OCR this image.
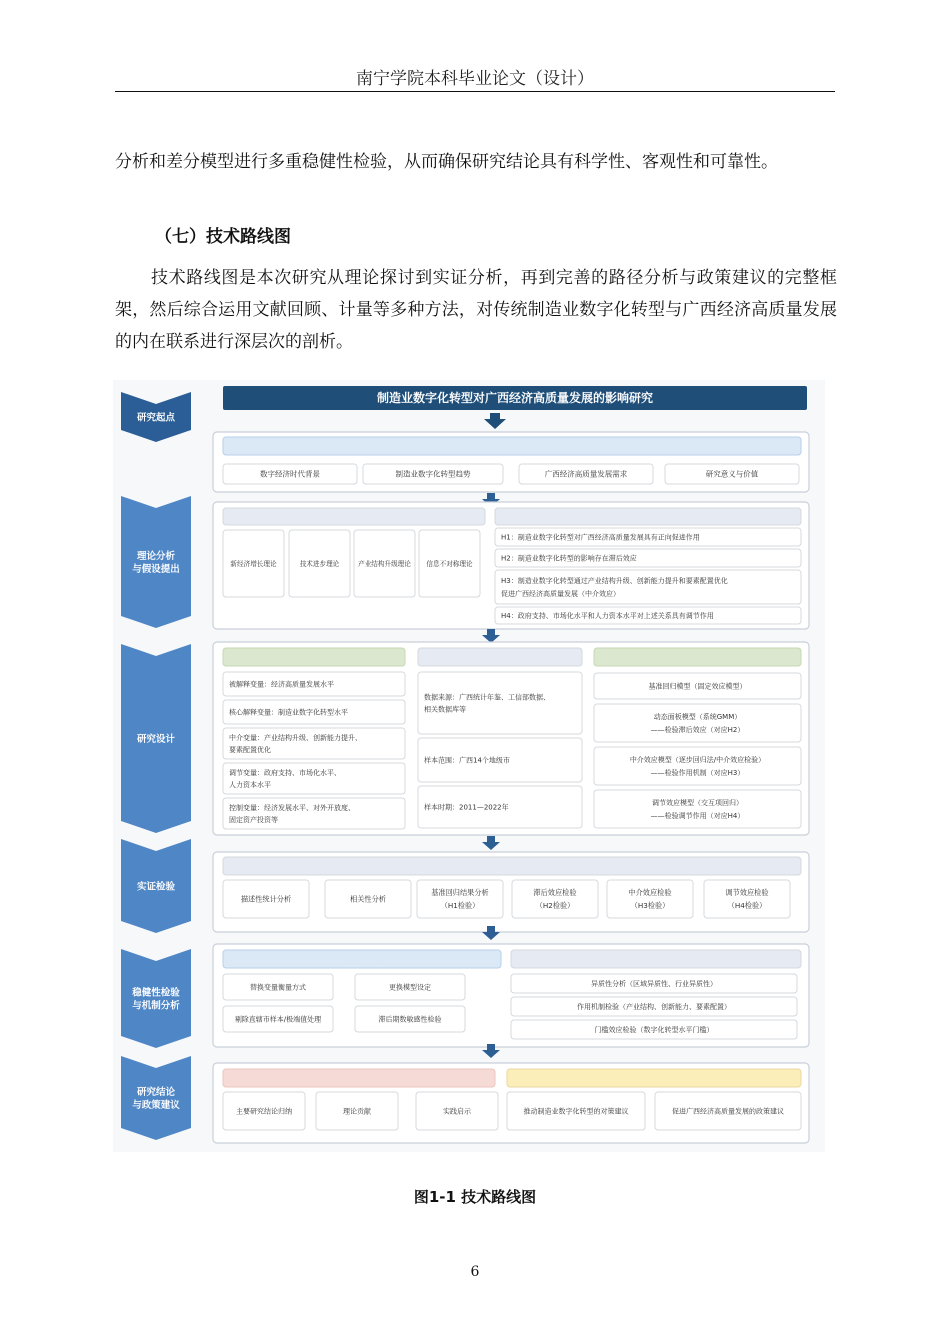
南宁学院本科毕业论文（设计）
分析和差分模型进行多重稳健性检验，从而确保研究结论具有科学性、客观性和可靠性。
（七）技术路线图
技术路线图是本次研究从理论探讨到实证分析，再到完善的路径分析与政策建议的完整框架，然后综合运用文献回顾、计量等多种方法，对传统制造业数字化转型与广西经济高质量发展的内在联系进行深层次的剖析。
研究起点
理论分析与假设提出
研究设计
实证检验
稳健性检验与机制分析
研究结论与政策建议
制造业数字化转型对广西经济高质量发展的影响研究
研究背景与问题提出
数字经济时代背景	制造业数字化转型趋势	广西经济高质量发展需求	研究意义与价值
理论基础
新经济增长理论	技术进步理论	产业结构升级理论 信息不对称理论
研究假设
H1：制造业数字化转型对广西经济高质量发展具有正向促进作用
H2：制造业数字化转型的影响存在滞后效应
H3：制造业数字化转型通过产业结构升级、创新能力提升和要素配置优化促进广西经济高质量发展（中介效应）
H4：政府支持、市场化水平和人力资本水平对上述关系具有调节作用
变量设定
被解释变量：经济高质量发展水平
核心解释变量：制造业数字化转型水平
中介变量：产业结构升级、创新能力提升、要素配置优化
调节变量：政府支持、市场化水平、人力资本水平
控制变量：经济发展水平、对外开放度、固定资产投资等
数据来源与样本选择
数据来源：广西统计年鉴、工信部数据、相关数据库等
样本范围：广西14个地级市
样本时期：2011—2022年
模型设定
基准回归模型（固定效应模型）
动态面板模型（系统GMM）——检验滞后效应（对应H2）
中介效应模型（逐步回归法/中介效应检验）——检验作用机制（对应H3）
调节效应模型（交互项回归）——检验调节作用（对应H4）
实证分析
描述性统计分析	相关性分析
基准回归结果分析（H1检验）
滞后效应检验（H2检验）
中介效应检验（H3检验）
调节效应检验（H4检验）
稳健性检验
替换变量衡量方式	更换模型设定
剔除直辖市样本/极端值处理	滞后期数敏感性检验
进一步分析
异质性分析（区域异质性、行业异质性）
作用机制检验（产业结构、创新能力、要素配置）
门槛效应检验（数字化转型水平门槛）
研究结论
主要研究结论归纳	理论贡献	实践启示
政策建议
推动制造业数字化转型的对策建议	促进广西经济高质量发展的政策建议
图1-1 技术路线图
6
